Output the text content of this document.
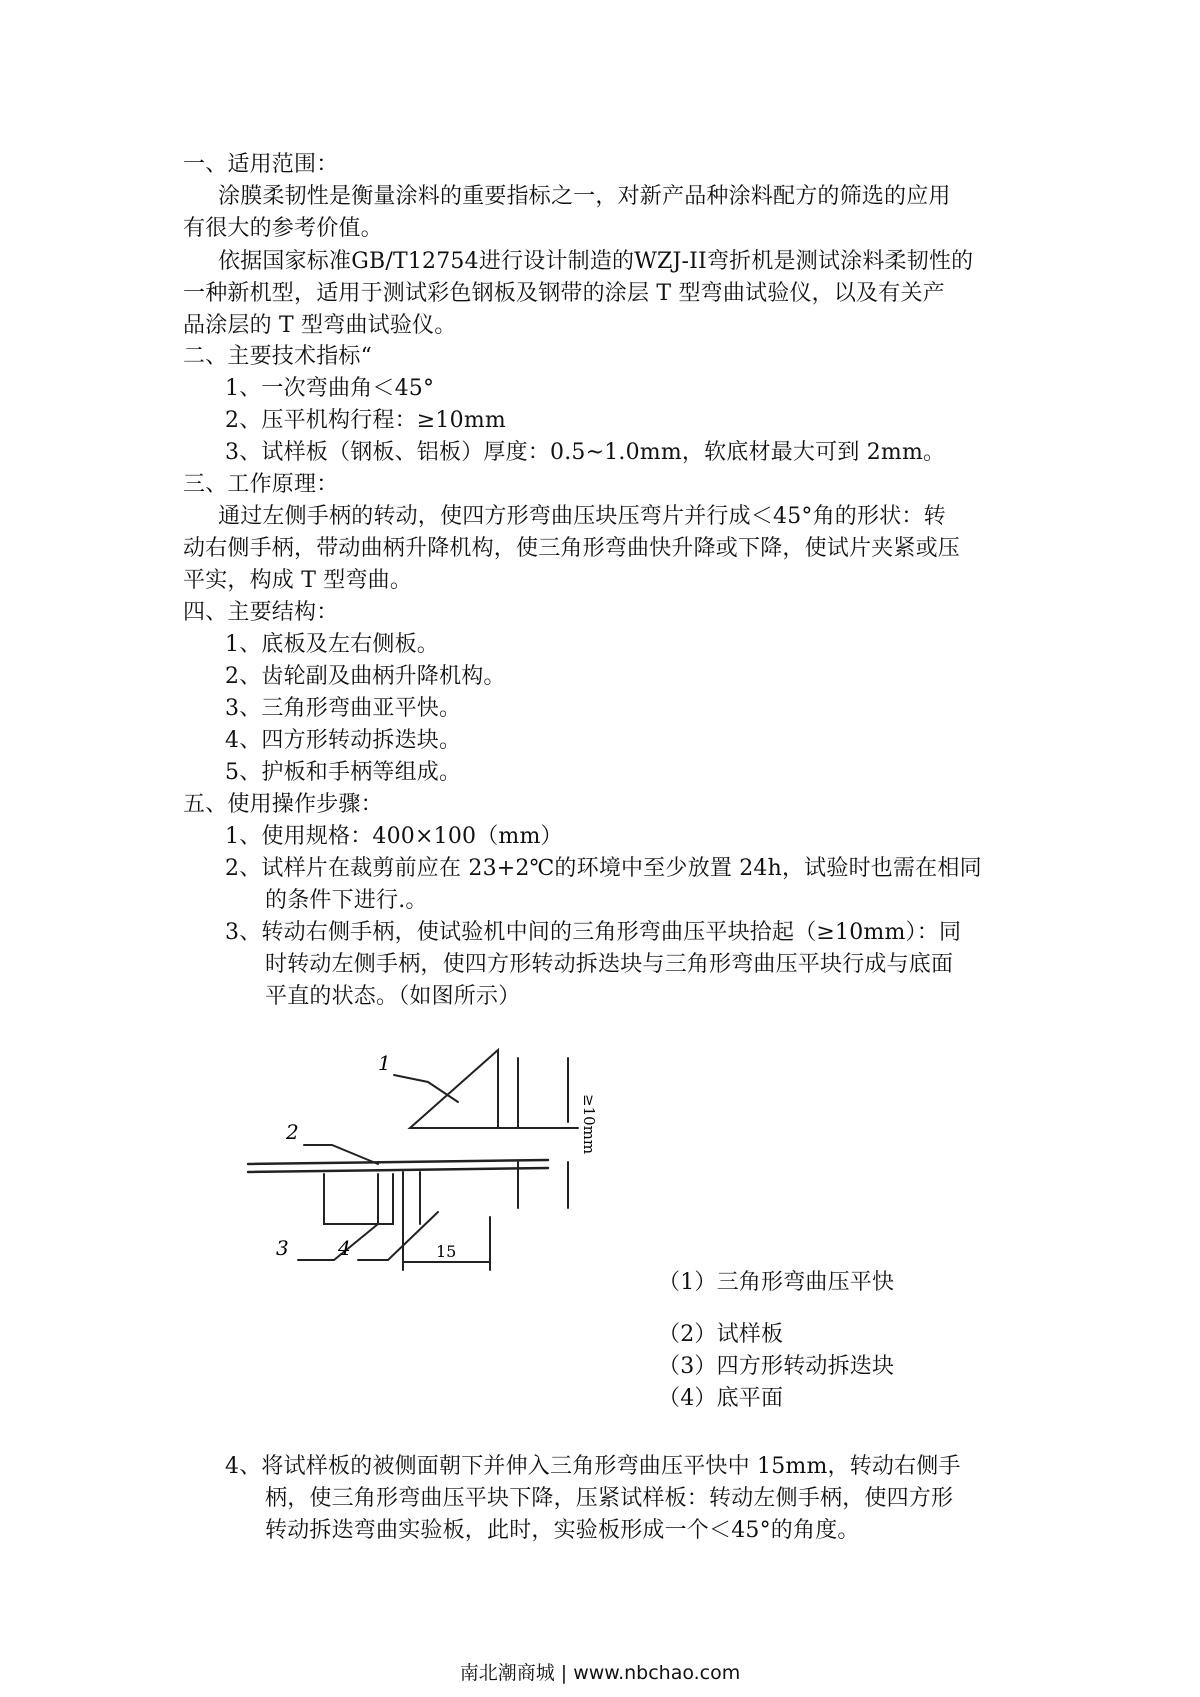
一、适用范围：
涂膜柔韧性是衡量涂料的重要指标之一，对新产品种涂料配方的筛选的应用
有很大的参考价值。
依据国家标准GB/T12754进行设计制造的WZJ-II弯折机是测试涂料柔韧性的
一种新机型，适用于测试彩色钢板及钢带的涂层 T 型弯曲试验仪，以及有关产
品涂层的 T 型弯曲试验仪。
二、主要技术指标“
1、一次弯曲角＜45°
2、压平机构行程：≥10mm
3、试样板（钢板、铝板）厚度：0.5~1.0mm，软底材最大可到 2mm。
三、工作原理：
通过左侧手柄的转动，使四方形弯曲压块压弯片并行成＜45°角的形状：转
动右侧手柄，带动曲柄升降机构，使三角形弯曲快升降或下降，使试片夹紧或压
平实，构成 T 型弯曲。
四、主要结构：
1、底板及左右侧板。
2、齿轮副及曲柄升降机构。
3、三角形弯曲亚平快。
4、四方形转动拆迭块。
5、护板和手柄等组成。
五、使用操作步骤：
1、使用规格：400×100（mm）
2、试样片在裁剪前应在 23+2℃的环境中至少放置 24h，试验时也需在相同
的条件下进行.。
3、转动右侧手柄，使试验机中间的三角形弯曲压平块拾起（≥10mm）：同
时转动左侧手柄，使四方形转动拆迭块与三角形弯曲压平块行成与底面
平直的状态。（如图所示）
1
2
3 4	15
≥10mm
（1）三角形弯曲压平快
（2）试样板
（3）四方形转动拆迭块
（4）底平面
4、将试样板的被侧面朝下并伸入三角形弯曲压平快中 15mm，转动右侧手
柄，使三角形弯曲压平块下降，压紧试样板：转动左侧手柄，使四方形
转动拆迭弯曲实验板，此时，实验板形成一个＜45°的角度。
南北潮商城 | www.nbchao.com
